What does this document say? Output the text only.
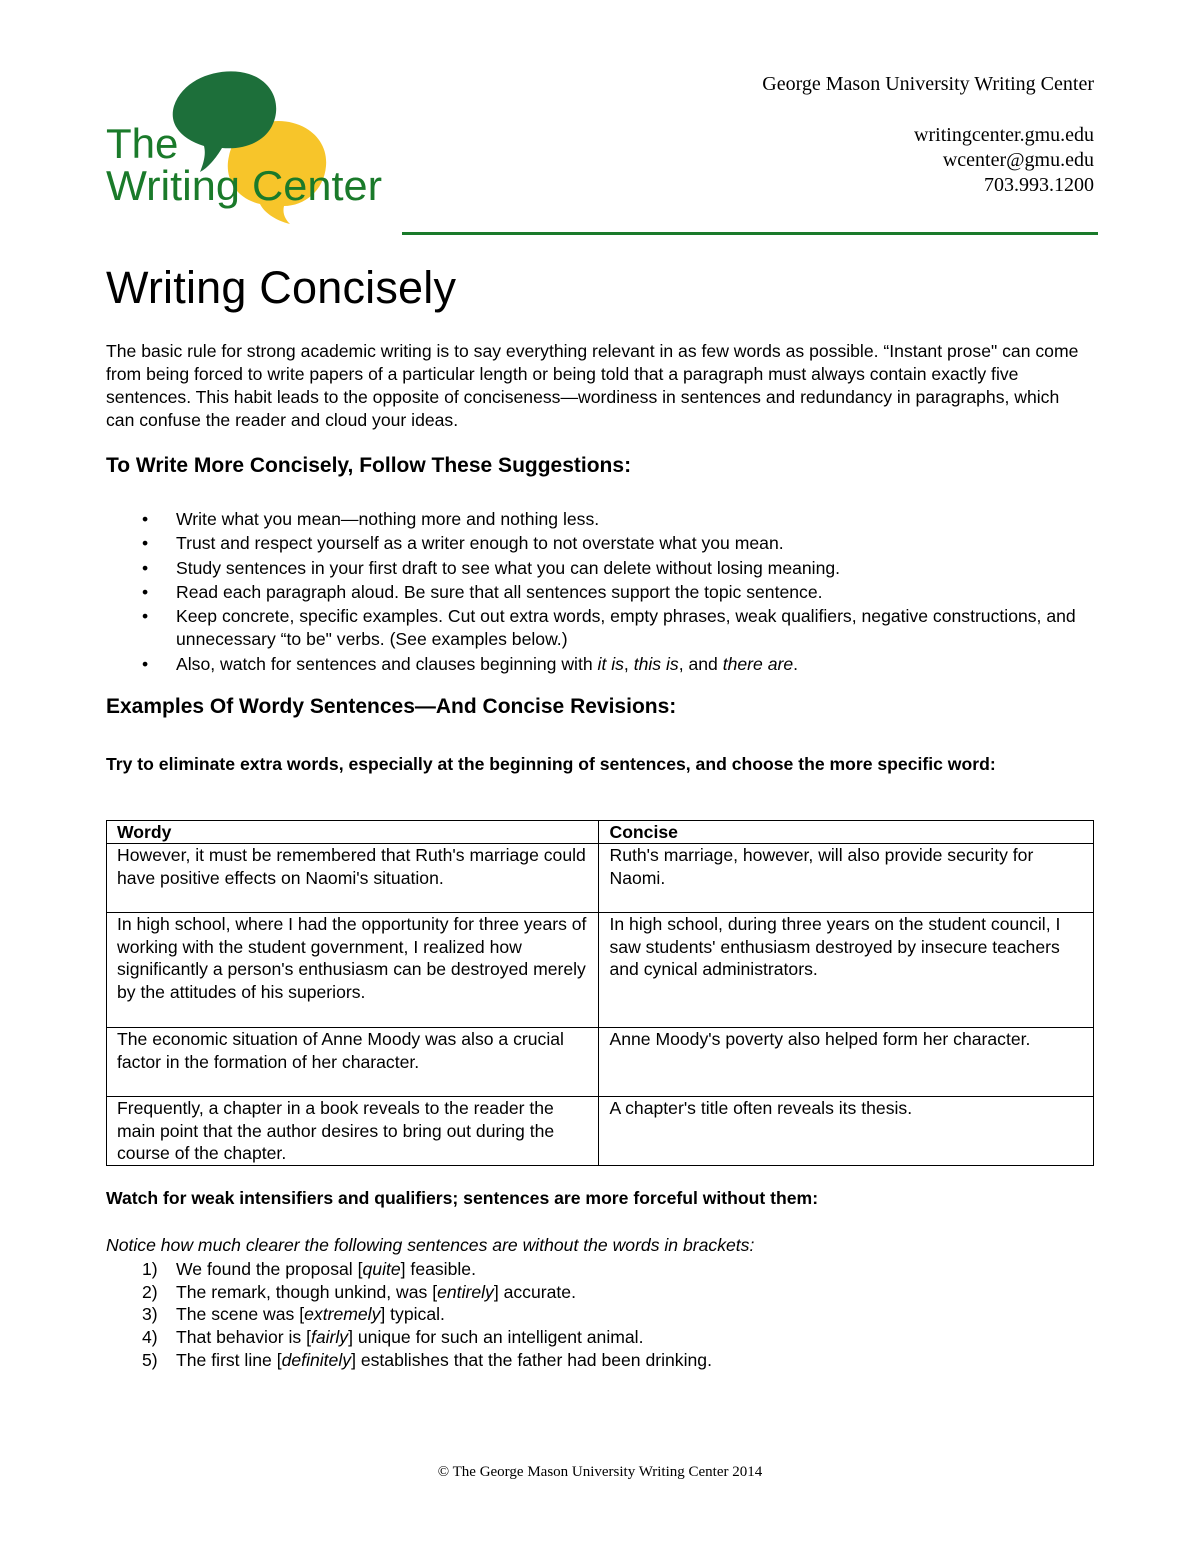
The
Writing Center
George Mason University Writing Center
writingcenter.gmu.edu
wcenter@gmu.edu
703.993.1200
Writing Concisely

The basic rule for strong academic writing is to say everything relevant in as few words as possible. “Instant prose" can come from being forced to write papers of a particular length or being told that a paragraph must always contain exactly five sentences. This habit leads to the opposite of conciseness—wordiness in sentences and redundancy in paragraphs, which can confuse the reader and cloud your ideas.

To Write More Concisely, Follow These Suggestions:
• Write what you mean—nothing more and nothing less.
• Trust and respect yourself as a writer enough to not overstate what you mean.
• Study sentences in your first draft to see what you can delete without losing meaning.
• Read each paragraph aloud. Be sure that all sentences support the topic sentence.
• Keep concrete, specific examples. Cut out extra words, empty phrases, weak qualifiers, negative constructions, and unnecessary “to be" verbs. (See examples below.)
• Also, watch for sentences and clauses beginning with it is, this is, and there are.
Examples Of Wordy Sentences—And Concise Revisions:

Try to eliminate extra words, especially at the beginning of sentences, and choose the more specific word:

Wordy	Concise
However, it must be remembered that Ruth's marriage could have positive effects on Naomi's situation.	Ruth's marriage, however, will also provide security for Naomi.
In high school, where I had the opportunity for three years of working with the student government, I realized how significantly a person's enthusiasm can be destroyed merely by the attitudes of his superiors.	In high school, during three years on the student council, I saw students' enthusiasm destroyed by insecure teachers and cynical administrators.
The economic situation of Anne Moody was also a crucial factor in the formation of her character.	Anne Moody's poverty also helped form her character.
Frequently, a chapter in a book reveals to the reader the main point that the author desires to bring out during the course of the chapter.	A chapter's title often reveals its thesis.

Watch for weak intensifiers and qualifiers; sentences are more forceful without them:

Notice how much clearer the following sentences are without the words in brackets:

1) We found the proposal [quite] feasible.
2) The remark, though unkind, was [entirely] accurate.
3) The scene was [extremely] typical.
4) That behavior is [fairly] unique for such an intelligent animal.
5) The first line [definitely] establishes that the father had been drinking.
© The George Mason University Writing Center 2014
